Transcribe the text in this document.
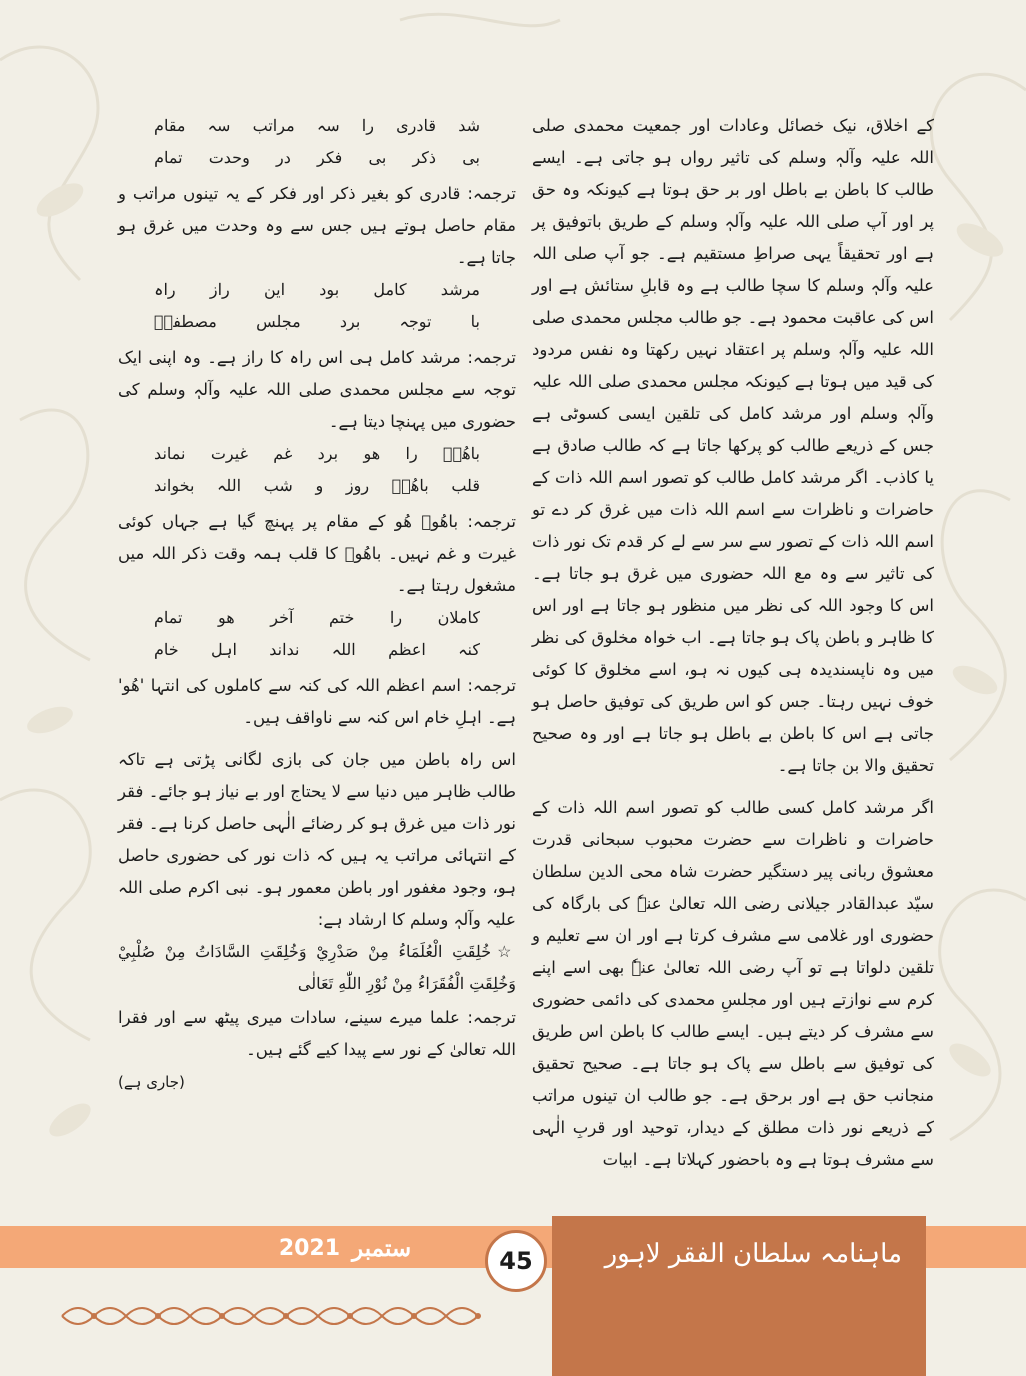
کے اخلاق، نیک خصائل وعادات اور جمعیت محمدی صلی اللہ علیہ وآلہٖ وسلم کی تاثیر رواں ہو جاتی ہے۔ ایسے طالب کا باطن بے باطل اور بر حق ہوتا ہے کیونکہ وہ حق پر اور آپ صلی اللہ علیہ وآلہٖ وسلم کے طریق باتوفیق پر ہے اور تحقیقاً یہی صراطِ مستقیم ہے۔ جو آپ صلی اللہ علیہ وآلہٖ وسلم کا سچا طالب ہے وہ قابلِ ستائش ہے اور اس کی عاقبت محمود ہے۔ جو طالب مجلس محمدی صلی اللہ علیہ وآلہٖ وسلم پر اعتقاد نہیں رکھتا وہ نفس مردود کی قید میں ہوتا ہے کیونکہ مجلس محمدی صلی اللہ علیہ وآلہٖ وسلم اور مرشد کامل کی تلقین ایسی کسوٹی ہے جس کے ذریعے طالب کو پرکھا جاتا ہے کہ طالب صادق ہے یا کاذب۔ اگر مرشد کامل طالب کو تصور اسم اللہ ذات کے حاضرات و ناظرات سے اسم اللہ ذات میں غرق کر دے تو اسم اللہ ذات کے تصور سے سر سے لے کر قدم تک نور ذات کی تاثیر سے وہ مع اللہ حضوری میں غرق ہو جاتا ہے۔ اس کا وجود اللہ کی نظر میں منظور ہو جاتا ہے اور اس کا ظاہر و باطن پاک ہو جاتا ہے۔ اب خواہ مخلوق کی نظر میں وہ ناپسندیدہ ہی کیوں نہ ہو، اسے مخلوق کا کوئی خوف نہیں رہتا۔ جس کو اس طریق کی توفیق حاصل ہو جاتی ہے اس کا باطن بے باطل ہو جاتا ہے اور وہ صحیح تحقیق والا بن جاتا ہے۔

اگر مرشد کامل کسی طالب کو تصور اسم اللہ ذات کے حاضرات و ناظرات سے حضرت محبوب سبحانی قدرت معشوق ربانی پیر دستگیر حضرت شاہ محی الدین سلطان سیّد عبدالقادر جیلانی رضی اللہ تعالیٰ عنہٗ کی بارگاہ کی حضوری اور غلامی سے مشرف کرتا ہے اور ان سے تعلیم و تلقین دلواتا ہے تو آپ رضی اللہ تعالیٰ عنہٗ بھی اسے اپنے کرم سے نوازتے ہیں اور مجلسِ محمدی کی دائمی حضوری سے مشرف کر دیتے ہیں۔ ایسے طالب کا باطن اس طریق کی توفیق سے باطل سے پاک ہو جاتا ہے۔ صحیح تحقیق منجانب حق ہے اور برحق ہے۔ جو طالب ان تینوں مراتب کے ذریعے نور ذات مطلق کے دیدار، توحید اور قربِ الٰہی سے مشرف ہوتا ہے وہ باحضور کہلاتا ہے۔ ابیات

شد
قادری
را
سہ
مراتب
سہ
مقام
بی
ذکر
بی
فکر
در
وحدت
تمام

ترجمہ: قادری کو بغیر ذکر اور فکر کے یہ تینوں مراتب و مقام حاصل ہوتے ہیں جس سے وہ وحدت میں غرق ہو جاتا ہے۔

مرشد
کامل
بود
این
راز
راہ
با
توجہ
برد
مجلس
مصطفیؐ

ترجمہ: مرشد کامل ہی اس راہ کا راز ہے۔ وہ اپنی ایک توجہ سے مجلس محمدی صلی اللہ علیہ وآلہٖ وسلم کی حضوری میں پہنچا دیتا ہے۔

باھُوؒ
را
ھو
برد
غم
غیرت
نماند
قلب
باھُوؒ
روز
و
شب
اللہ
بخواند

ترجمہ: باھُوؒ ھُو کے مقام پر پہنچ گیا ہے جہاں کوئی غیرت و غم نہیں۔ باھُوؒ کا قلب ہمہ وقت ذکر اللہ میں مشغول رہتا ہے۔

کاملان
را
ختم
آخر
ھو
تمام
کنہ
اعظم
اللہ
نداند
اہل
خام

ترجمہ: اسم اعظم اللہ کی کنہ سے کاملوں کی انتہا 'ھُو' ہے۔ اہلِ خام اس کنہ سے ناواقف ہیں۔

اس راہ باطن میں جان کی بازی لگانی پڑتی ہے تاکہ طالب ظاہر میں دنیا سے لا یحتاج اور بے نیاز ہو جائے۔ فقر نور ذات میں غرق ہو کر رضائے الٰہی حاصل کرنا ہے۔ فقر کے انتہائی مراتب یہ ہیں کہ ذات نور کی حضوری حاصل ہو، وجود مغفور اور باطن معمور ہو۔ نبی اکرم صلی اللہ علیہ وآلہٖ وسلم کا ارشاد ہے:

☆خُلِقَتِ الْعُلَمَاءُ مِنْ صَدْرِيْ وَخُلِقَتِ السَّادَاتُ مِنْ صُلْبِيْ وَخُلِقَتِ الْفُقَرَاءُ مِنْ نُوْرِ اللّٰهِ تَعَالٰى

ترجمہ: علما میرے سینے، سادات میری پیٹھ سے اور فقرا اللہ تعالیٰ کے نور سے پیدا کیے گئے ہیں۔

(جاری ہے)

ماہنامہ سلطان الفقر لاہور
45
ستمبر
2021
